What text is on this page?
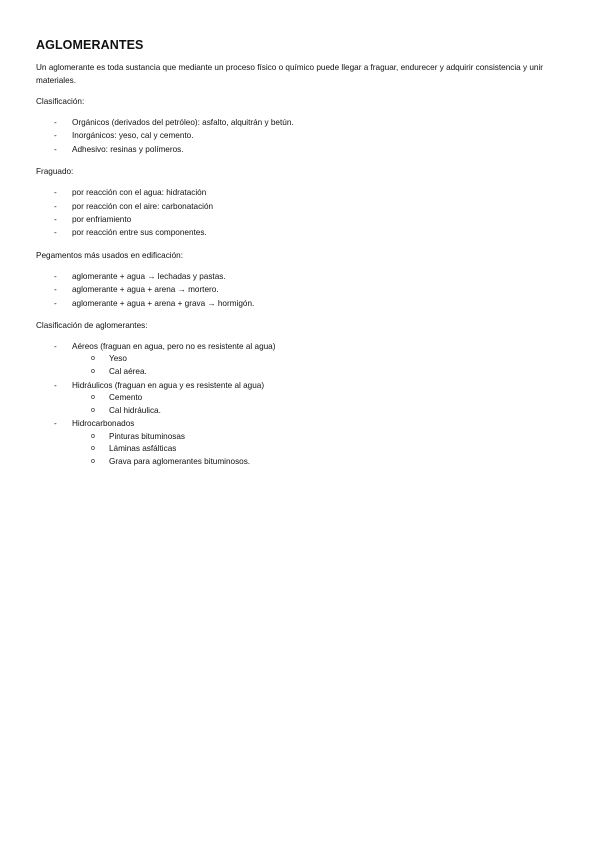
AGLOMERANTES
Un aglomerante es toda sustancia que mediante un proceso físico o químico puede llegar a fraguar, endurecer y adquirir consistencia y unir materiales.
Clasificación:
- Orgánicos (derivados del petróleo): asfalto, alquitrán y betún.
- Inorgánicos: yeso, cal y cemento.
- Adhesivo: resinas y polímeros.
Fraguado:
- por reacción con el agua: hidratación
- por reacción con el aire: carbonatación
- por enfriamiento
- por reacción entre sus componentes.
Pegamentos más usados en edificación:
- aglomerante + agua → lechadas y pastas.
- aglomerante + agua + arena → mortero.
- aglomerante + agua + arena + grava → hormigón.
Clasificación de aglomerantes:
- Aéreos (fraguan en agua, pero no es resistente al agua)
o Yeso
o Cal aérea.
- Hidráulicos (fraguan en agua y es resistente al agua)
o Cemento
o Cal hidráulica.
- Hidrocarbonados
o Pinturas bituminosas
o Láminas asfálticas
o Grava para aglomerantes bituminosos.
